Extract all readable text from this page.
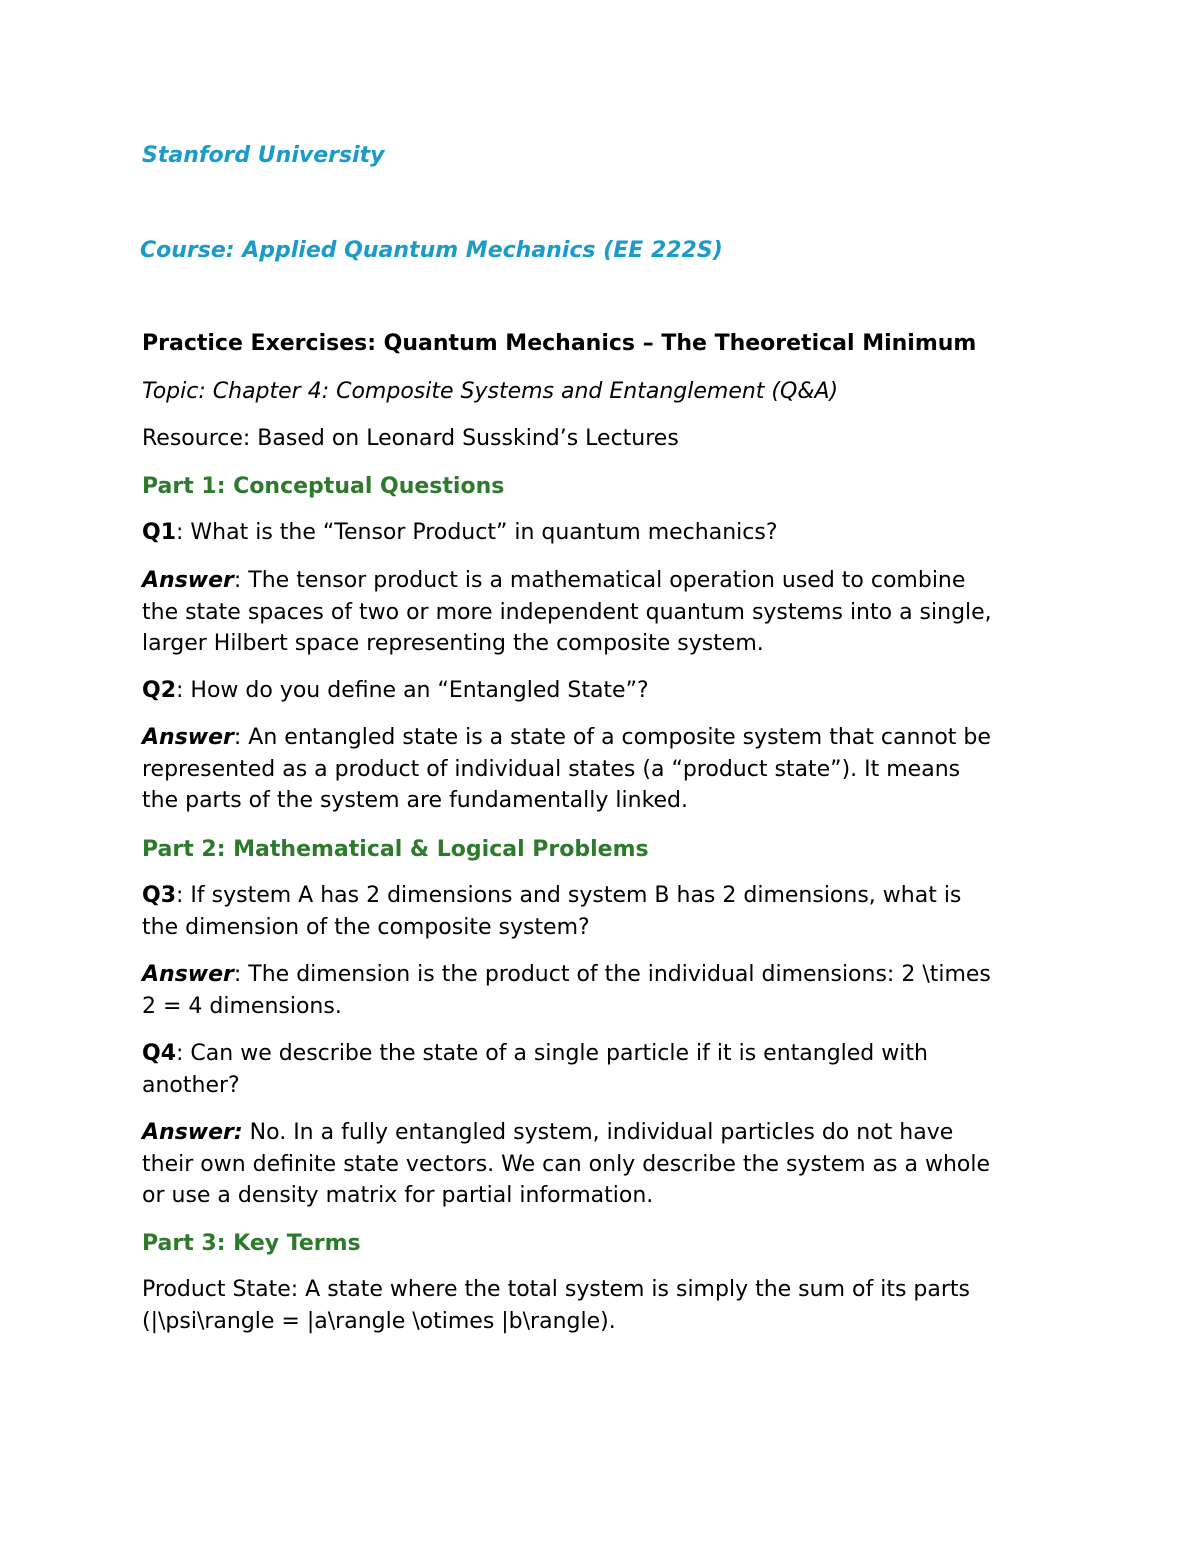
Stanford University
Course: Applied Quantum Mechanics (EE 222S)
Practice Exercises: Quantum Mechanics – The Theoretical Minimum
Topic: Chapter 4: Composite Systems and Entanglement (Q&A)
Resource: Based on Leonard Susskind’s Lectures
Part 1: Conceptual Questions
Q1: What is the “Tensor Product” in quantum mechanics?
Answer: The tensor product is a mathematical operation used to combine
the state spaces of two or more independent quantum systems into a single,
larger Hilbert space representing the composite system.
Q2: How do you define an “Entangled State”?
Answer: An entangled state is a state of a composite system that cannot be
represented as a product of individual states (a “product state”). It means
the parts of the system are fundamentally linked.
Part 2: Mathematical & Logical Problems
Q3: If system A has 2 dimensions and system B has 2 dimensions, what is
the dimension of the composite system?
Answer: The dimension is the product of the individual dimensions: 2 \times
2 = 4 dimensions.
Q4: Can we describe the state of a single particle if it is entangled with
another?
Answer: No. In a fully entangled system, individual particles do not have
their own definite state vectors. We can only describe the system as a whole
or use a density matrix for partial information.
Part 3: Key Terms
Product State: A state where the total system is simply the sum of its parts
(|\psi\rangle = |a\rangle \otimes |b\rangle).
